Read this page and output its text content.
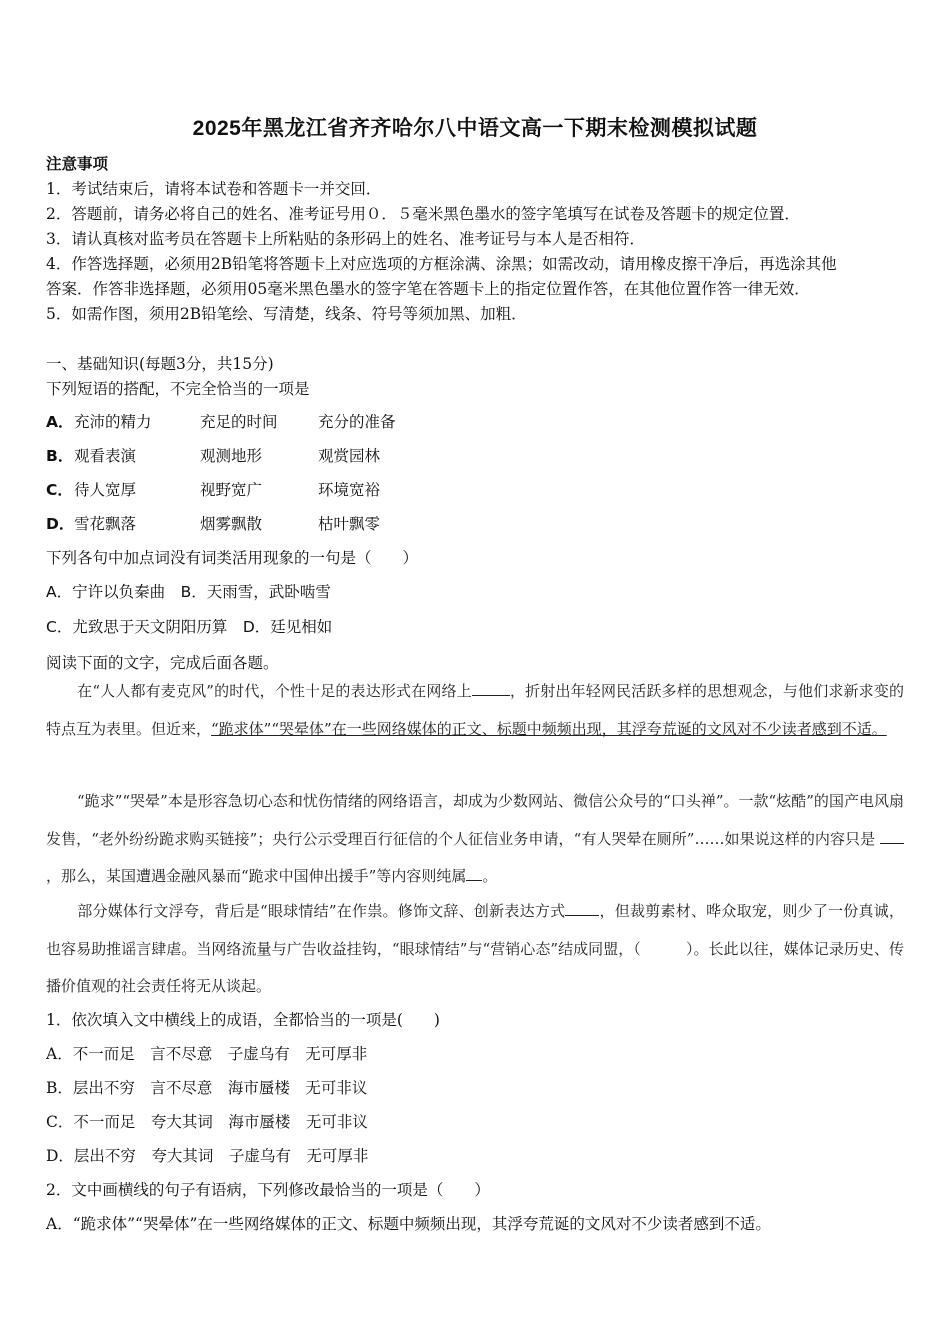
2025年黑龙江省齐齐哈尔八中语文高一下期末检测模拟试题
注意事项
1．考试结束后，请将本试卷和答题卡一并交回．
2．答题前，请务必将自己的姓名、准考证号用０．５毫米黑色墨水的签字笔填写在试卷及答题卡的规定位置．
3．请认真核对监考员在答题卡上所粘贴的条形码上的姓名、准考证号与本人是否相符．
4．作答选择题，必须用2B铅笔将答题卡上对应选项的方框涂满、涂黑；如需改动，请用橡皮擦干净后，再选涂其他
答案．作答非选择题，必须用05毫米黑色墨水的签字笔在答题卡上的指定位置作答，在其他位置作答一律无效．
5．如需作图，须用2B铅笔绘、写清楚，线条、符号等须加黑、加粗．
一、基础知识(每题3分，共15分)
下列短语的搭配，不完全恰当的一项是
A． 充沛的精力	充足的时间	充分的准备
B． 观看表演	观测地形	观赏园林
C． 待人宽厚	视野宽广	环境宽裕
D． 雪花飘落	烟雾飘散	枯叶飘零
下列各句中加点词没有词类活用现象的一句是（　　）
A．宁许以负秦曲　B．天雨雪，武卧啮雪
C．尤致思于天文阴阳历算　D．廷见相如
阅读下面的文字，完成后面各题。
在“人人都有麦克风”的时代，个性十足的表达形式在网络上	，折射出年轻网民活跃多样的思想观念，与他们求新求变的特点互为表里。但近来，“跪求体”“哭晕体”在一些网络媒体的正文、标题中频频出现，其浮夸荒诞的文风对不少读者感到不适。
“跪求”“哭晕”本是形容急切心态和忧伤情绪的网络语言，却成为少数网站、微信公众号的“口头禅”。一款“炫酷”的国产电风扇发售，“老外纷纷跪求购买链接”；央行公示受理百行征信的个人征信业务申请，“有人哭晕在厕所”……如果说这样的内容只是 ，那么，某国遭遇金融风暴而“跪求中国伸出援手”等内容则纯属 。
部分媒体行文浮夸，背后是“眼球情结”在作祟。修饰文辞、创新表达方式 ，但裁剪素材、哗众取宠，则少了一份真诚，也容易助推谣言肆虐。当网络流量与广告收益挂钩，“眼球情结”与“营销心态”结成同盟，（　　　）。长此以往，媒体记录历史、传播价值观的社会责任将无从谈起。
1．依次填入文中横线上的成语，全都恰当的一项是(　　)
A．不一而足　言不尽意　子虚乌有　无可厚非
B．层出不穷　言不尽意　海市蜃楼　无可非议
C．不一而足　夸大其词　海市蜃楼　无可非议
D．层出不穷　夸大其词　子虚乌有　无可厚非
2．文中画横线的句子有语病，下列修改最恰当的一项是（　　）
A．“跪求体”“哭晕体”在一些网络媒体的正文、标题中频频出现，其浮夸荒诞的文风对不少读者感到不适。
